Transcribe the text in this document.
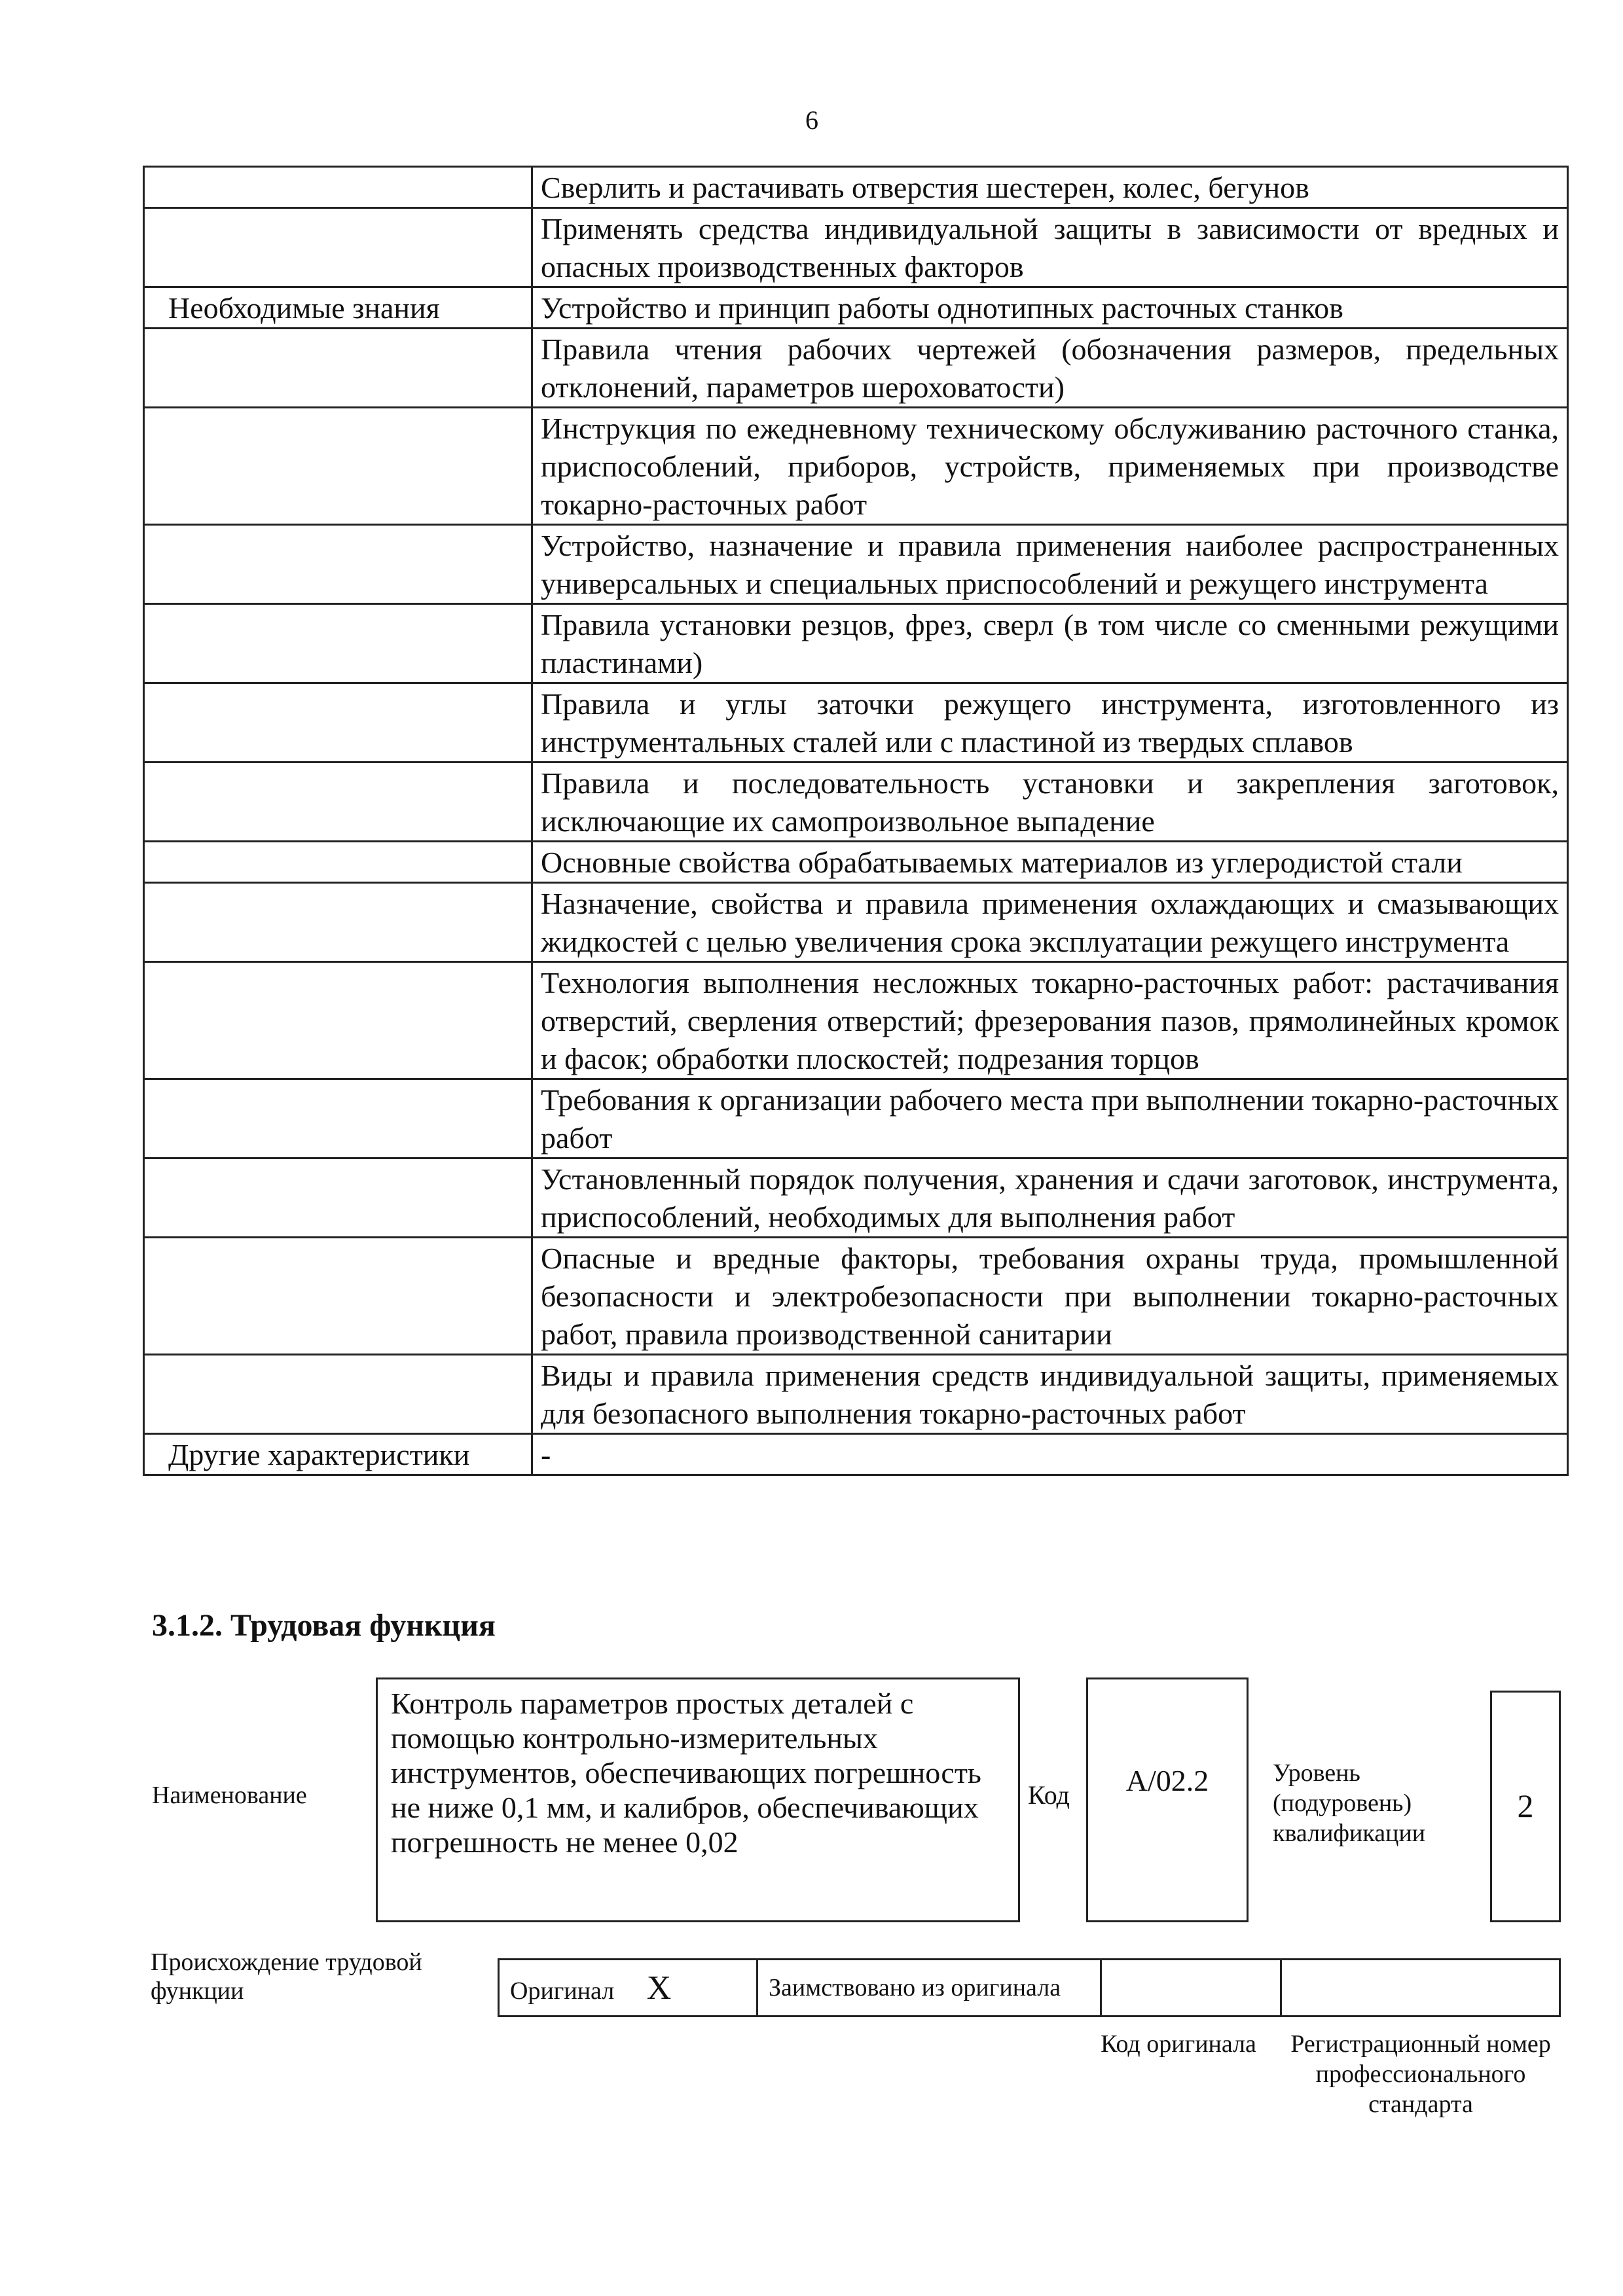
6
	Сверлить и растачивать отверстия шестерен, колес, бегунов
	Применять средства индивидуальной защиты в зависимости от вредных и опасных производственных факторов
Необходимые знания	Устройство и принцип работы однотипных расточных станков
	Правила чтения рабочих чертежей (обозначения размеров, предельных отклонений, параметров шероховатости)
	Инструкция по ежедневному техническому обслуживанию расточного станка, приспособлений, приборов, устройств, применяемых при производстве токарно-расточных работ
	Устройство, назначение и правила применения наиболее распространенных универсальных и специальных приспособлений и режущего инструмента
	Правила установки резцов, фрез, сверл (в том числе со сменными режущими пластинами)
	Правила и углы заточки режущего инструмента, изготовленного из инструментальных сталей или с пластиной из твердых сплавов
	Правила и последовательность установки и закрепления заготовок, исключающие их самопроизвольное выпадение
	Основные свойства обрабатываемых материалов из углеродистой стали
	Назначение, свойства и правила применения охлаждающих и смазывающих жидкостей с целью увеличения срока эксплуатации режущего инструмента
	Технология выполнения несложных токарно-расточных работ: растачивания отверстий, сверления отверстий; фрезерования пазов, прямолинейных кромок и фасок; обработки плоскостей; подрезания торцов
	Требования к организации рабочего места при выполнении токарно-расточных работ
	Установленный порядок получения, хранения и сдачи заготовок, инструмента, приспособлений, необходимых для выполнения работ
	Опасные и вредные факторы, требования охраны труда, промышленной безопасности и электробезопасности при выполнении токарно-расточных работ, правила производственной санитарии
	Виды и правила применения средств индивидуальной защиты, применяемых для безопасного выполнения токарно-расточных работ
Другие характеристики	-
3.1.2. Трудовая функция
Наименование
Контроль параметров простых деталей с помощью контрольно-измерительных инструментов, обеспечивающих погрешность не ниже 0,1 мм, и калибров, обеспечивающих погрешность не менее 0,02
Код	A/02.2	Уровень (подуровень) квалификации
2
Происхождение трудовой функции	Оригинал X	Заимствовано из оригинала		
Код оригинала	Регистрационный номер профессионального стандарта
